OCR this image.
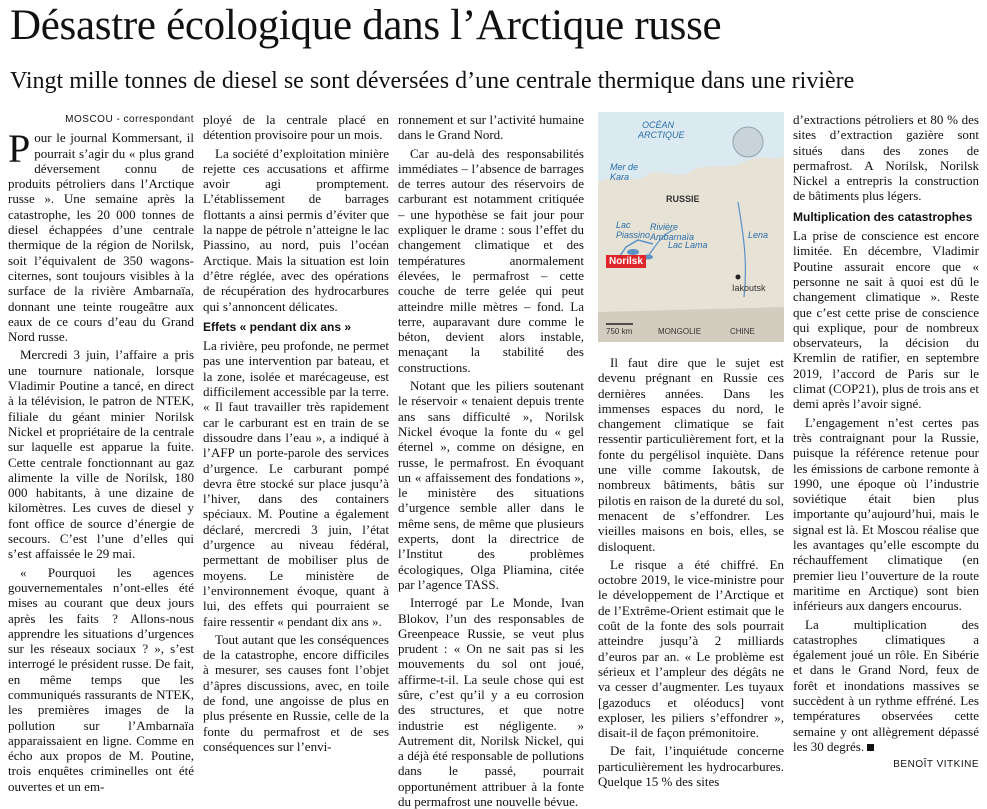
Désastre écologique dans l’Arctique russe
Vingt mille tonnes de diesel se sont déversées d’une centrale thermique dans une rivière
MOSCOU - correspondant

Pour le journal Kommersant, il pourrait s’agir du « plus grand déversement connu de produits pétroliers dans l’Arctique russe ». Une semaine après la catastrophe, les 20 000 tonnes de diesel échappées d’une centrale thermique de la région de Norilsk, soit l’équivalent de 350 wagons-citernes, sont toujours visibles à la surface de la rivière Ambarnaïa, donnant une teinte rougeâtre aux eaux de ce cours d’eau du Grand Nord russe.

Mercredi 3 juin, l’affaire a pris une tournure nationale, lorsque Vladimir Poutine a tancé, en direct à la télévision, le patron de NTEK, filiale du géant minier Norilsk Nickel et propriétaire de la centrale sur laquelle est apparue la fuite. Cette centrale fonctionnant au gaz alimente la ville de Norilsk, 180 000 habitants, à une dizaine de kilomètres. Les cuves de diesel y font office de source d’énergie de secours. C’est l’une d’elles qui s’est affaissée le 29 mai.

« Pourquoi les agences gouvernementales n’ont-elles été mises au courant que deux jours après les faits ? Allons-nous apprendre les situations d’urgences sur les réseaux sociaux ? », s’est interrogé le président russe. De fait, en même temps que les communiqués rassurants de NTEK, les premières images de la pollution sur l’Ambarnaïa apparaissaient en ligne. Comme en écho aux propos de M. Poutine, trois enquêtes criminelles ont été ouvertes et un em-

ployé de la centrale placé en détention provisoire pour un mois.

La société d’exploitation minière rejette ces accusations et affirme avoir agi promptement. L’établissement de barrages flottants a ainsi permis d’éviter que la nappe de pétrole n’atteigne le lac Piassino, au nord, puis l’océan Arctique. Mais la situation est loin d’être réglée, avec des opérations de récupération des hydrocarbures qui s’annoncent délicates.

Effets « pendant dix ans »

La rivière, peu profonde, ne permet pas une intervention par bateau, et la zone, isolée et marécageuse, est difficilement accessible par la terre. « Il faut travailler très rapidement car le carburant est en train de se dissoudre dans l’eau », a indiqué à l’AFP un porte-parole des services d’urgence. Le carburant pompé devra être stocké sur place jusqu’à l’hiver, dans des containers spéciaux. M. Poutine a également déclaré, mercredi 3 juin, l’état d’urgence au niveau fédéral, permettant de mobiliser plus de moyens. Le ministère de l’environnement évoque, quant à lui, des effets qui pourraient se faire ressentir « pendant dix ans ».

Tout autant que les conséquences de la catastrophe, encore difficiles à mesurer, ses causes font l’objet d’âpres discussions, avec, en toile de fond, une angoisse de plus en plus présente en Russie, celle de la fonte du permafrost et de ses conséquences sur l’envi-

ronnement et sur l’activité humaine dans le Grand Nord.

Car au-delà des responsabilités immédiates – l’absence de barrages de terres autour des réservoirs de carburant est notamment critiquée – une hypothèse se fait jour pour expliquer le drame : sous l’effet du changement climatique et des températures anormalement élevées, le permafrost – cette couche de terre gelée qui peut atteindre mille mètres – fond. La terre, auparavant dure comme le béton, devient alors instable, menaçant la stabilité des constructions.

Notant que les piliers soutenant le réservoir « tenaient depuis trente ans sans difficulté », Norilsk Nickel évoque la fonte du « gel éternel », comme on désigne, en russe, le permafrost. En évoquant un « affaissement des fondations », le ministère des situations d’urgence semble aller dans le même sens, de même que plusieurs experts, dont la directrice de l’Institut des problèmes écologiques, Olga Pliamina, citée par l’agence TASS.

Interrogé par Le Monde, Ivan Blokov, l’un des responsables de Greenpeace Russie, se veut plus prudent : « On ne sait pas si les mouvements du sol ont joué, affirme-t-il. La seule chose qui est sûre, c’est qu’il y a eu corrosion des structures, et que notre industrie est négligente. » Autrement dit, Norilsk Nickel, qui a déjà été responsable de pollutions dans le passé, pourrait opportunément attribuer à la fonte du permafrost une nouvelle bévue.

OCÉAN ARCTIQUE
Mer de Kara
RUSSIE
Lac Piassino
Rivière Ambarnaïa
Lac Lama
Norilsk
Lena
Iakoutsk
750 km	MONGOLIE	CHINE

Il faut dire que le sujet est devenu prégnant en Russie ces dernières années. Dans les immenses espaces du nord, le changement climatique se fait ressentir particulièrement fort, et la fonte du pergélisol inquiète. Dans une ville comme Iakoutsk, de nombreux bâtiments, bâtis sur pilotis en raison de la dureté du sol, menacent de s’effondrer. Les vieilles maisons en bois, elles, se disloquent.

Le risque a été chiffré. En octobre 2019, le vice-ministre pour le développement de l’Arctique et de l’Extrême-Orient estimait que le coût de la fonte des sols pourrait atteindre jusqu’à 2 milliards d’euros par an. « Le problème est sérieux et l’ampleur des dégâts ne va cesser d’augmenter. Les tuyaux [gazoducs et oléoducs] vont exploser, les piliers s’effondrer », disait-il de façon prémonitoire.

De fait, l’inquiétude concerne particulièrement les hydrocarbures. Quelque 15 % des sites

d’extractions pétroliers et 80 % des sites d’extraction gazière sont situés dans des zones de permafrost. A Norilsk, Norilsk Nickel a entrepris la construction de bâtiments plus légers.

Multiplication des catastrophes

La prise de conscience est encore limitée. En décembre, Vladimir Poutine assurait encore que « personne ne sait à quoi est dû le changement climatique ». Reste que c’est cette prise de conscience qui explique, pour de nombreux observateurs, la décision du Kremlin de ratifier, en septembre 2019, l’accord de Paris sur le climat (COP21), plus de trois ans et demi après l’avoir signé.

L’engagement n’est certes pas très contraignant pour la Russie, puisque la référence retenue pour les émissions de carbone remonte à 1990, une époque où l’industrie soviétique était bien plus importante qu’aujourd’hui, mais le signal est là. Et Moscou réalise que les avantages qu’elle escompte du réchauffement climatique (en premier lieu l’ouverture de la route maritime en Arctique) sont bien inférieurs aux dangers encourus.

La multiplication des catastrophes climatiques a également joué un rôle. En Sibérie et dans le Grand Nord, feux de forêt et inondations massives se succèdent à un rythme effréné. Les températures observées cette semaine y ont allègrement dépassé les 30 degrés.

BENOÎT VITKINE
